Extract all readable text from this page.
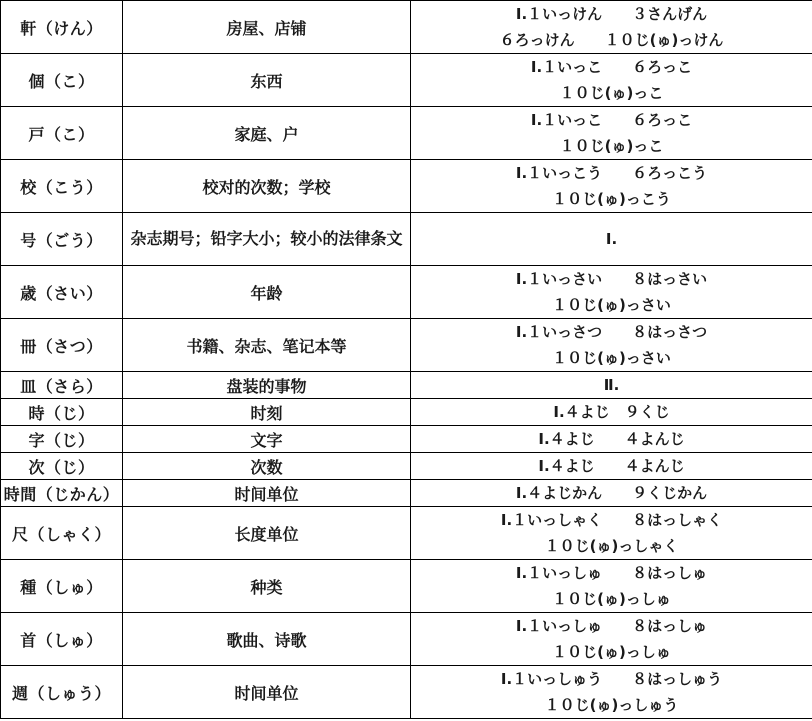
軒（けん）	房屋、店铺	Ⅰ.１いっけん　　３さんげん
６ろっけん　　１０じ(ゅ)っけん

個（こ）	东西	Ⅰ.１いっこ　　６ろっこ
１０じ(ゅ)っこ

戸（こ）	家庭、户	Ⅰ.１いっこ　　６ろっこ
１０じ(ゅ)っこ

校（こう）	校对的次数；学校	Ⅰ.１いっこう　　６ろっこう
１０じ(ゅ)っこう

号（ごう）	杂志期号；铅字大小；较小的法律条文	Ⅰ.

歳（さい）	年龄	Ⅰ.１いっさい　　８はっさい
１０じ(ゅ)っさい

冊（さつ）	书籍、杂志、笔记本等	Ⅰ.１いっさつ　　８はっさつ
１０じ(ゅ)っさい

皿（さら）	盘装的事物	Ⅱ.

時（じ）	时刻	Ⅰ.４よじ　９くじ

字（じ）	文字	Ⅰ.４よじ　　４よんじ

次（じ）	次数	Ⅰ.４よじ　　４よんじ

時間（じかん）	时间单位	Ⅰ.４よじかん　　９くじかん

尺（しゃく）	长度单位	Ⅰ.１いっしゃく　　８はっしゃく
１０じ(ゅ)っしゃく

種（しゅ）	种类	Ⅰ.１いっしゅ　　８はっしゅ
１０じ(ゅ)っしゅ

首（しゅ）	歌曲、诗歌	Ⅰ.１いっしゅ　　８はっしゅ
１０じ(ゅ)っしゅ

週（しゅう）	时间单位	Ⅰ.１いっしゅう　　８はっしゅう
１０じ(ゅ)っしゅう
